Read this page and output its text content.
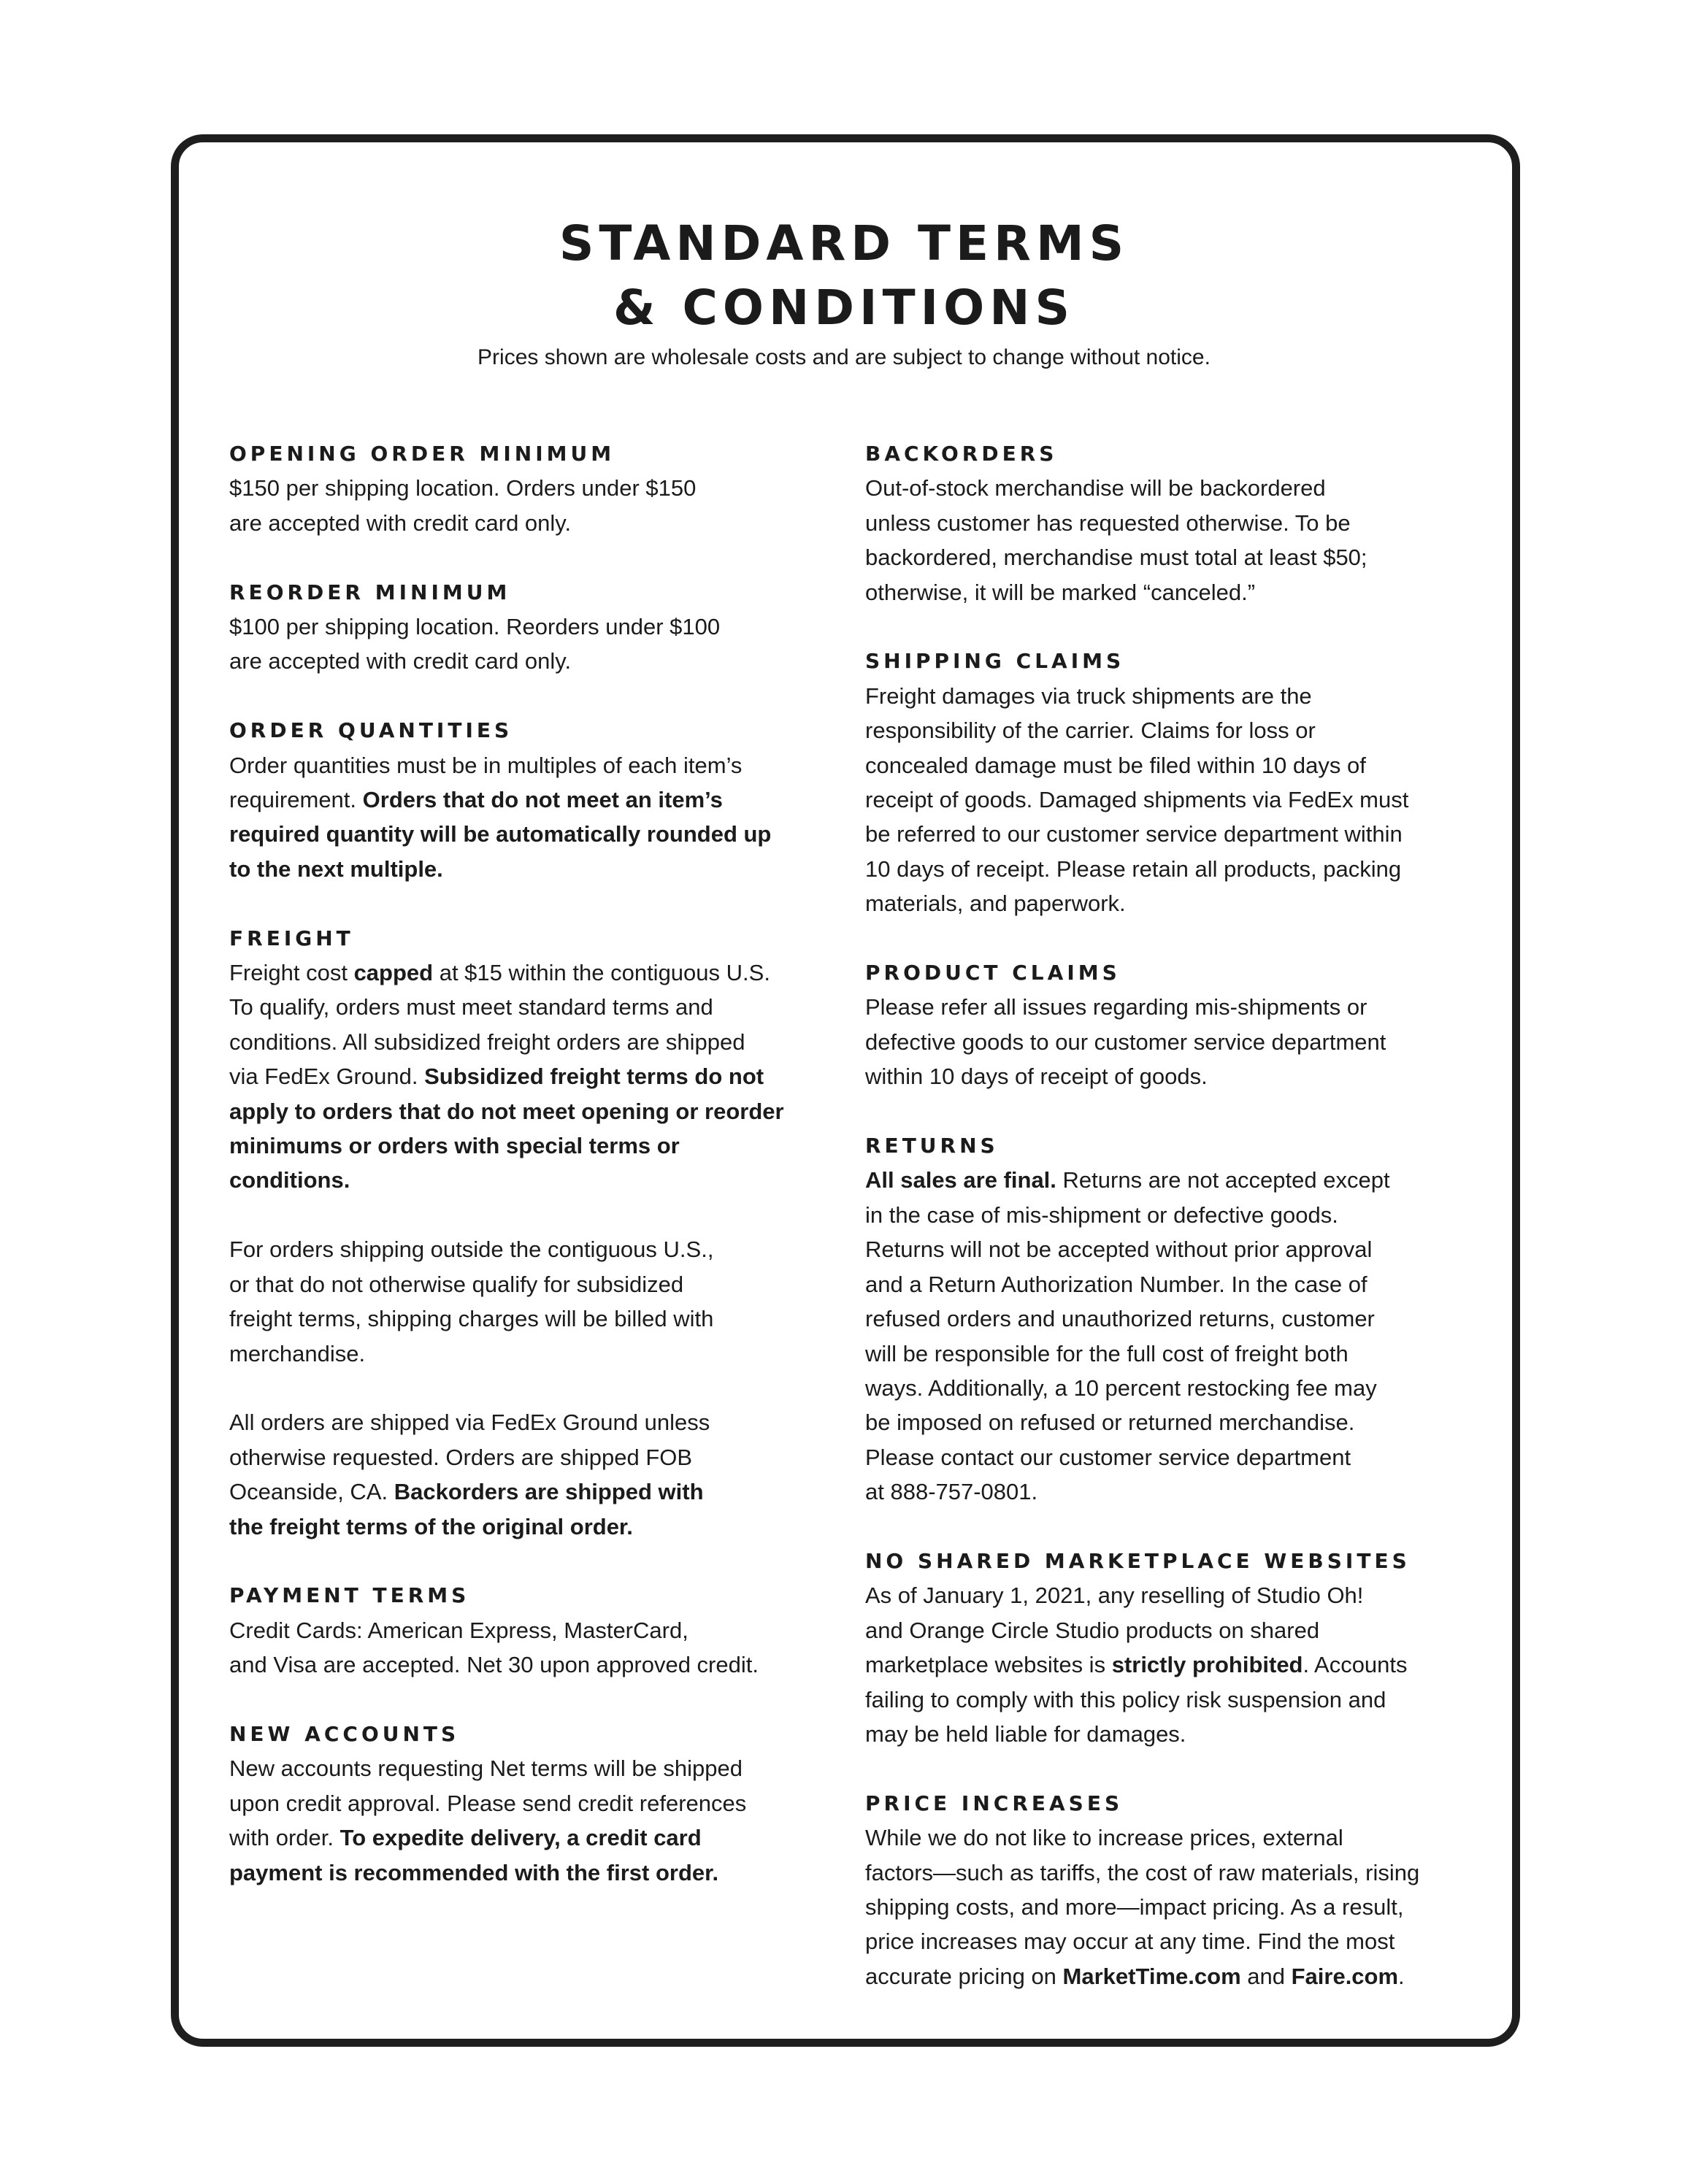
STANDARD TERMS
& CONDITIONS

Prices shown are wholesale costs and are subject to change without notice.

OPENING ORDER MINIMUM

$150 per shipping location. Orders under $150
are accepted with credit card only.

REORDER MINIMUM

$100 per shipping location. Reorders under $100
are accepted with credit card only.

ORDER QUANTITIES

Order quantities must be in multiples of each item’s
requirement. Orders that do not meet an item’s
required quantity will be automatically rounded up
to the next multiple.

FREIGHT

Freight cost capped at $15 within the contiguous U.S.
To qualify, orders must meet standard terms and
conditions. All subsidized freight orders are shipped
via FedEx Ground. Subsidized freight terms do not
apply to orders that do not meet opening or reorder
minimums or orders with special terms or
conditions.

For orders shipping outside the contiguous U.S.,
or that do not otherwise qualify for subsidized
freight terms, shipping charges will be billed with
merchandise.

All orders are shipped via FedEx Ground unless
otherwise requested. Orders are shipped FOB
Oceanside, CA. Backorders are shipped with
the freight terms of the original order.

PAYMENT TERMS

Credit Cards: American Express, MasterCard,
and Visa are accepted. Net 30 upon approved credit.

NEW ACCOUNTS

New accounts requesting Net terms will be shipped
upon credit approval. Please send credit references
with order. To expedite delivery, a credit card
payment is recommended with the first order.

BACKORDERS

Out-of-stock merchandise will be backordered
unless customer has requested otherwise. To be
backordered, merchandise must total at least $50;
otherwise, it will be marked “canceled.”

SHIPPING CLAIMS

Freight damages via truck shipments are the
responsibility of the carrier. Claims for loss or
concealed damage must be filed within 10 days of
receipt of goods. Damaged shipments via FedEx must
be referred to our customer service department within
10 days of receipt. Please retain all products, packing
materials, and paperwork.

PRODUCT CLAIMS

Please refer all issues regarding mis-shipments or
defective goods to our customer service department
within 10 days of receipt of goods.

RETURNS

All sales are final. Returns are not accepted except
in the case of mis-shipment or defective goods.
Returns will not be accepted without prior approval
and a Return Authorization Number. In the case of
refused orders and unauthorized returns, customer
will be responsible for the full cost of freight both
ways. Additionally, a 10 percent restocking fee may
be imposed on refused or returned merchandise.
Please contact our customer service department
at 888-757-0801.

NO SHARED MARKETPLACE WEBSITES

As of January 1, 2021, any reselling of Studio Oh!
and Orange Circle Studio products on shared
marketplace websites is strictly prohibited. Accounts
failing to comply with this policy risk suspension and
may be held liable for damages.

PRICE INCREASES

While we do not like to increase prices, external
factors—such as tariffs, the cost of raw materials, rising
shipping costs, and more—impact pricing. As a result,
price increases may occur at any time. Find the most
accurate pricing on MarketTime.com and Faire.com.
